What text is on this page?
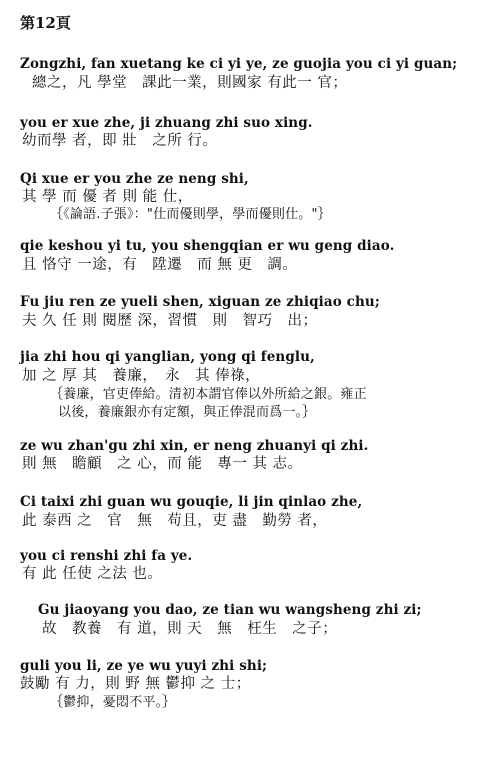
第12頁
Zongzhi, fan xuetang ke ci yi ye, ze guojia you ci yi guan;
總之，凡 學堂　課此一業，則國家 有此一 官；
you er xue zhe, ji zhuang zhi suo xing.
幼而學 者，即 壯　之所 行。
Qi xue er you zhe ze neng shi,
其 學 而 優 者 則 能 仕，
｛《論語.子張》："仕而優則學，學而優則仕。"｝
qie keshou yi tu, you shengqian er wu geng diao.
且 恪守 一途，有　陞遷　而 無 更　調。
Fu jiu ren ze yueli shen, xiguan ze zhiqiao chu;
夫 久 任 則 閱歷 深，習慣　則　智巧　出；
jia zhi hou qi yanglian, yong qi fenglu,
加 之 厚 其　養廉，　永　其 俸祿，
｛養廉，官吏俸給。清初本謂官俸以外所給之銀。雍正
以後，養廉銀亦有定額，與正俸混而爲一。｝
ze wu zhan'gu zhi xin, er neng zhuanyi qi zhi.
則 無　瞻顧　之 心，而 能　專一 其 志。
Ci taixi zhi guan wu gouqie, li jin qinlao zhe,
此 泰西 之　官　無　苟且，吏 盡　勤勞 者，
you ci renshi zhi fa ye.
有 此 任使 之法 也。
Gu jiaoyang you dao, ze tian wu wangsheng zhi zi;
故　教養　有 道，則 天　無　枉生　之子；
guli you li, ze ye wu yuyi zhi shi;
鼓勵 有 力，則 野 無 鬱抑 之 士；
｛鬱抑，憂悶不平。｝
